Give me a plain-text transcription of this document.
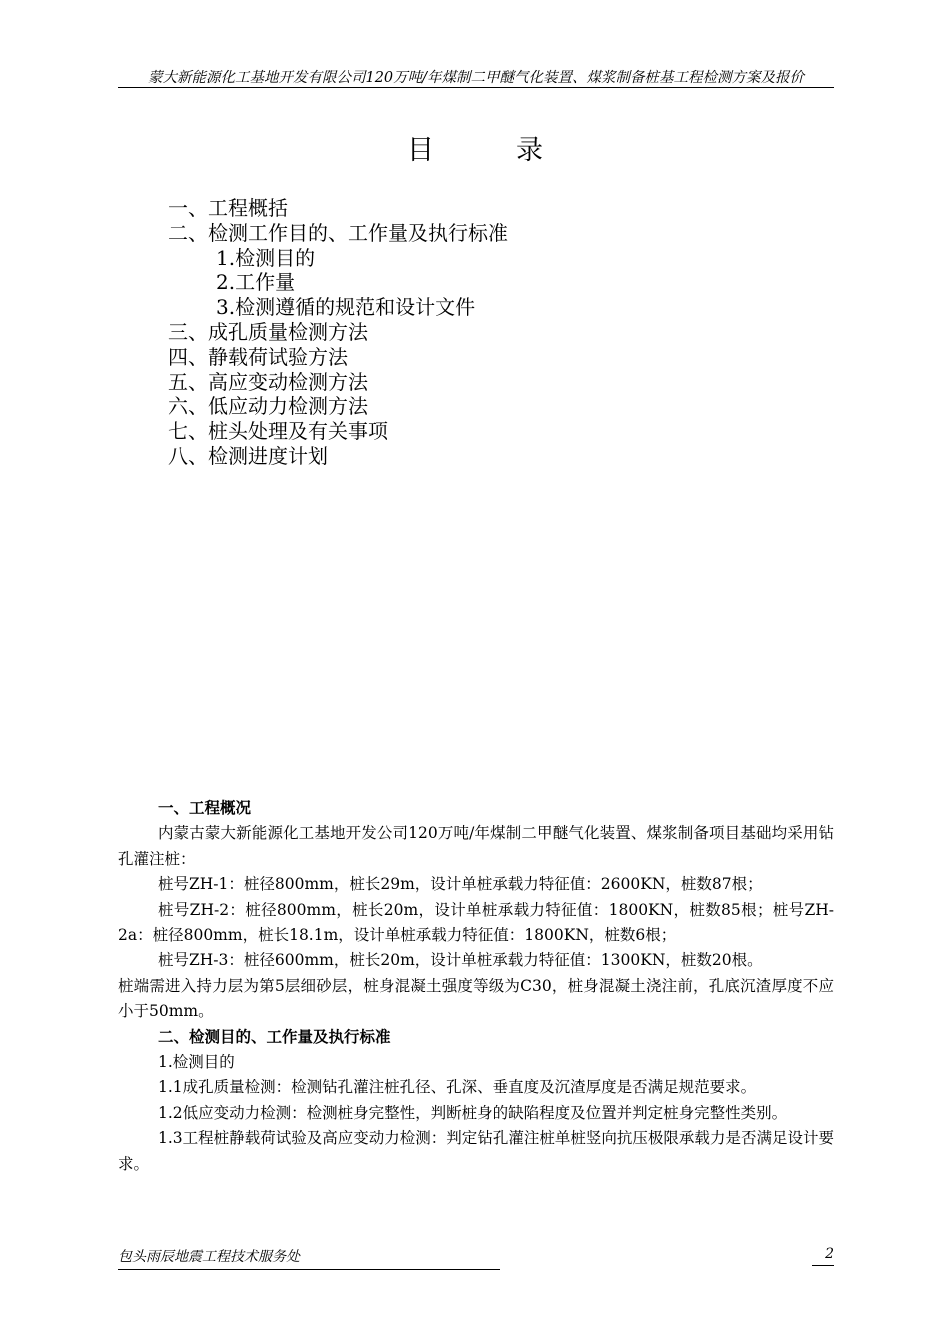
蒙大新能源化工基地开发有限公司120万吨/年煤制二甲醚气化装置、煤浆制备桩基工程检测方案及报价
目	录
一、工程概括
二、检测工作目的、工作量及执行标准
1.检测目的
2.工作量
3.检测遵循的规范和设计文件
三、成孔质量检测方法
四、静载荷试验方法
五、高应变动检测方法
六、低应动力检测方法
七、桩头处理及有关事项
八、检测进度计划
一、工程概况
内蒙古蒙大新能源化工基地开发公司120万吨/年煤制二甲醚气化装置、煤浆制备项目基础均采用钻孔灌注桩：
桩号ZH-1：桩径800mm，桩长29m，设计单桩承载力特征值：2600KN，桩数87根；
桩号ZH-2：桩径800mm，桩长20m，设计单桩承载力特征值：1800KN，桩数85根；桩号ZH-2a：桩径800mm，桩长18.1m，设计单桩承载力特征值：1800KN，桩数6根；
桩号ZH-3：桩径600mm，桩长20m，设计单桩承载力特征值：1300KN，桩数20根。
桩端需进入持力层为第5层细砂层，桩身混凝土强度等级为C30，桩身混凝土浇注前，孔底沉渣厚度不应小于50mm。
二、检测目的、工作量及执行标准
1.检测目的
1.1成孔质量检测：检测钻孔灌注桩孔径、孔深、垂直度及沉渣厚度是否满足规范要求。
1.2低应变动力检测：检测桩身完整性，判断桩身的缺陷程度及位置并判定桩身完整性类别。
1.3工程桩静载荷试验及高应变动力检测：判定钻孔灌注桩单桩竖向抗压极限承载力是否满足设计要求。
包头雨辰地震工程技术服务处	2
